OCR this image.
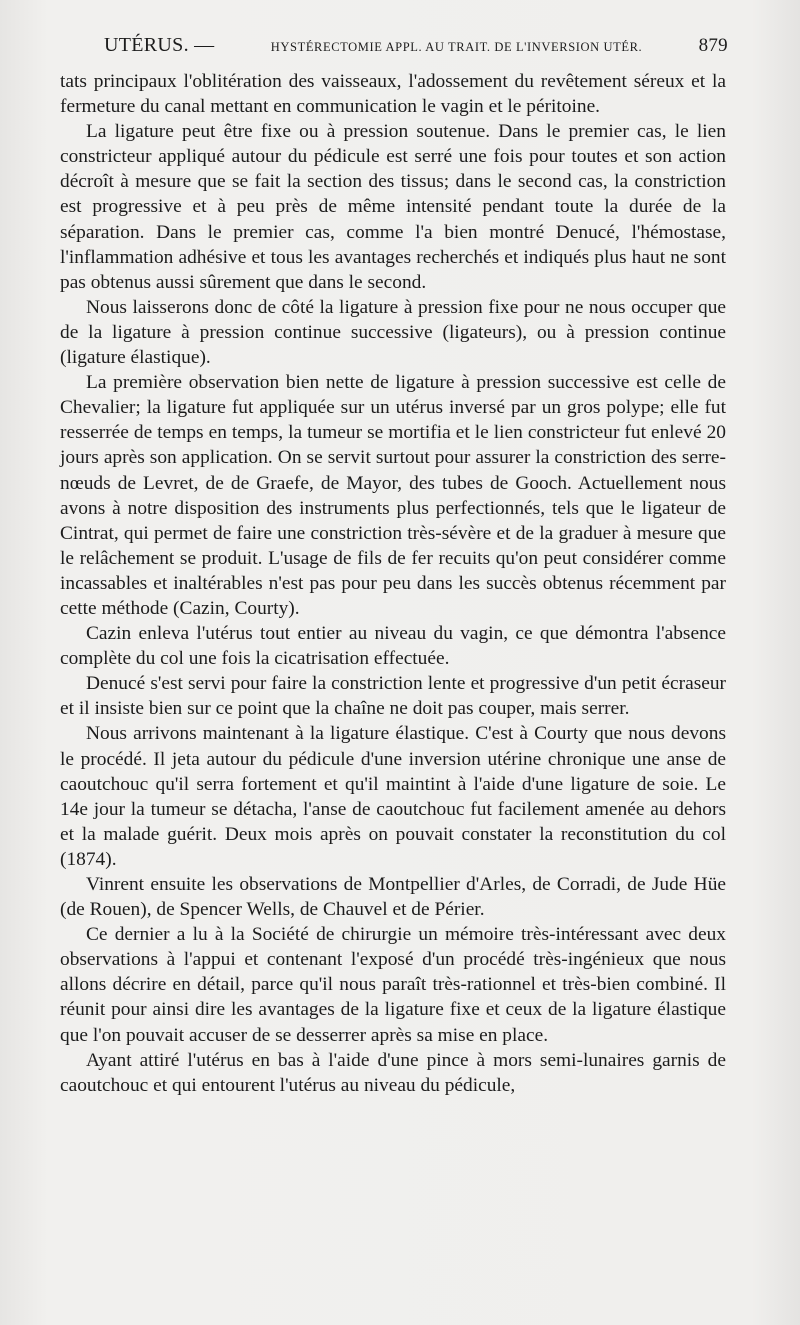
UTÉRUS. —	HYSTÉRECTOMIE APPL. AU TRAIT. DE L'INVERSION UTÉR.	879

tats principaux l'oblitération des vaisseaux, l'adossement du revêtement séreux et la fermeture du canal mettant en communication le vagin et le péritoine.

La ligature peut être fixe ou à pression soutenue. Dans le premier cas, le lien constricteur appliqué autour du pédicule est serré une fois pour toutes et son action décroît à mesure que se fait la section des tissus; dans le second cas, la constriction est progressive et à peu près de même intensité pendant toute la durée de la séparation. Dans le premier cas, comme l'a bien montré Denucé, l'hémostase, l'inflammation adhésive et tous les avantages recherchés et indiqués plus haut ne sont pas obtenus aussi sûrement que dans le second.

Nous laisserons donc de côté la ligature à pression fixe pour ne nous occuper que de la ligature à pression continue successive (ligateurs), ou à pression continue (ligature élastique).

La première observation bien nette de ligature à pression successive est celle de Chevalier; la ligature fut appliquée sur un utérus inversé par un gros polype; elle fut resserrée de temps en temps, la tumeur se mortifia et le lien constricteur fut enlevé 20 jours après son application. On se servit surtout pour assurer la constriction des serre-nœuds de Levret, de de Graefe, de Mayor, des tubes de Gooch. Actuellement nous avons à notre disposition des instruments plus perfectionnés, tels que le ligateur de Cintrat, qui permet de faire une constriction très-sévère et de la graduer à mesure que le relâchement se produit. L'usage de fils de fer recuits qu'on peut considérer comme incassables et inaltérables n'est pas pour peu dans les succès obtenus récemment par cette méthode (Cazin, Courty).

Cazin enleva l'utérus tout entier au niveau du vagin, ce que démontra l'absence complète du col une fois la cicatrisation effectuée.

Denucé s'est servi pour faire la constriction lente et progressive d'un petit écraseur et il insiste bien sur ce point que la chaîne ne doit pas couper, mais serrer.

Nous arrivons maintenant à la ligature élastique. C'est à Courty que nous devons le procédé. Il jeta autour du pédicule d'une inversion utérine chronique une anse de caoutchouc qu'il serra fortement et qu'il maintint à l'aide d'une ligature de soie. Le 14e jour la tumeur se détacha, l'anse de caoutchouc fut facilement amenée au dehors et la malade guérit. Deux mois après on pouvait constater la reconstitution du col (1874).

Vinrent ensuite les observations de Montpellier d'Arles, de Corradi, de Jude Hüe (de Rouen), de Spencer Wells, de Chauvel et de Périer.

Ce dernier a lu à la Société de chirurgie un mémoire très-intéressant avec deux observations à l'appui et contenant l'exposé d'un procédé très-ingénieux que nous allons décrire en détail, parce qu'il nous paraît très-rationnel et très-bien combiné. Il réunit pour ainsi dire les avantages de la ligature fixe et ceux de la ligature élastique que l'on pouvait accuser de se desserrer après sa mise en place.

Ayant attiré l'utérus en bas à l'aide d'une pince à mors semi-lunaires garnis de caoutchouc et qui entourent l'utérus au niveau du pédicule,
